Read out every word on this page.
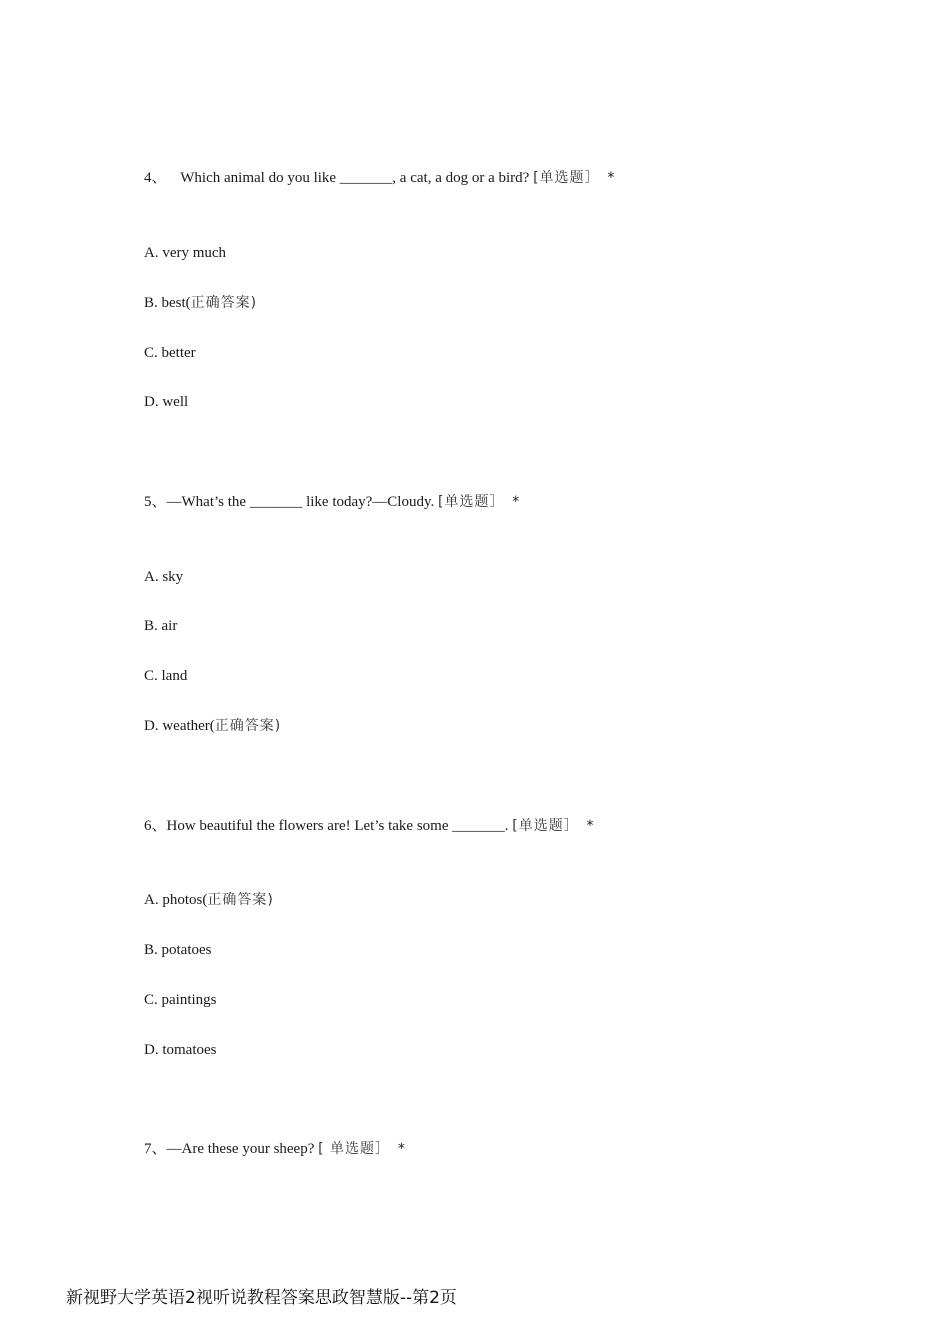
4、 Which animal do you like _______, a cat, a dog or a bird? [单选题］ *
A. very much
B. best(正确答案)
C. better
D. well
5、—What’s the _______ like today?—Cloudy. [单选题］ *
A. sky
B. air
C. land
D. weather(正确答案)
6、How beautiful the flowers are! Let’s take some _______. [单选题］ *
A. photos(正确答案)
B. potatoes
C. paintings
D. tomatoes
7、—Are these your sheep? [ 单选题］ *
新视野大学英语2视听说教程答案思政智慧版--第2页
